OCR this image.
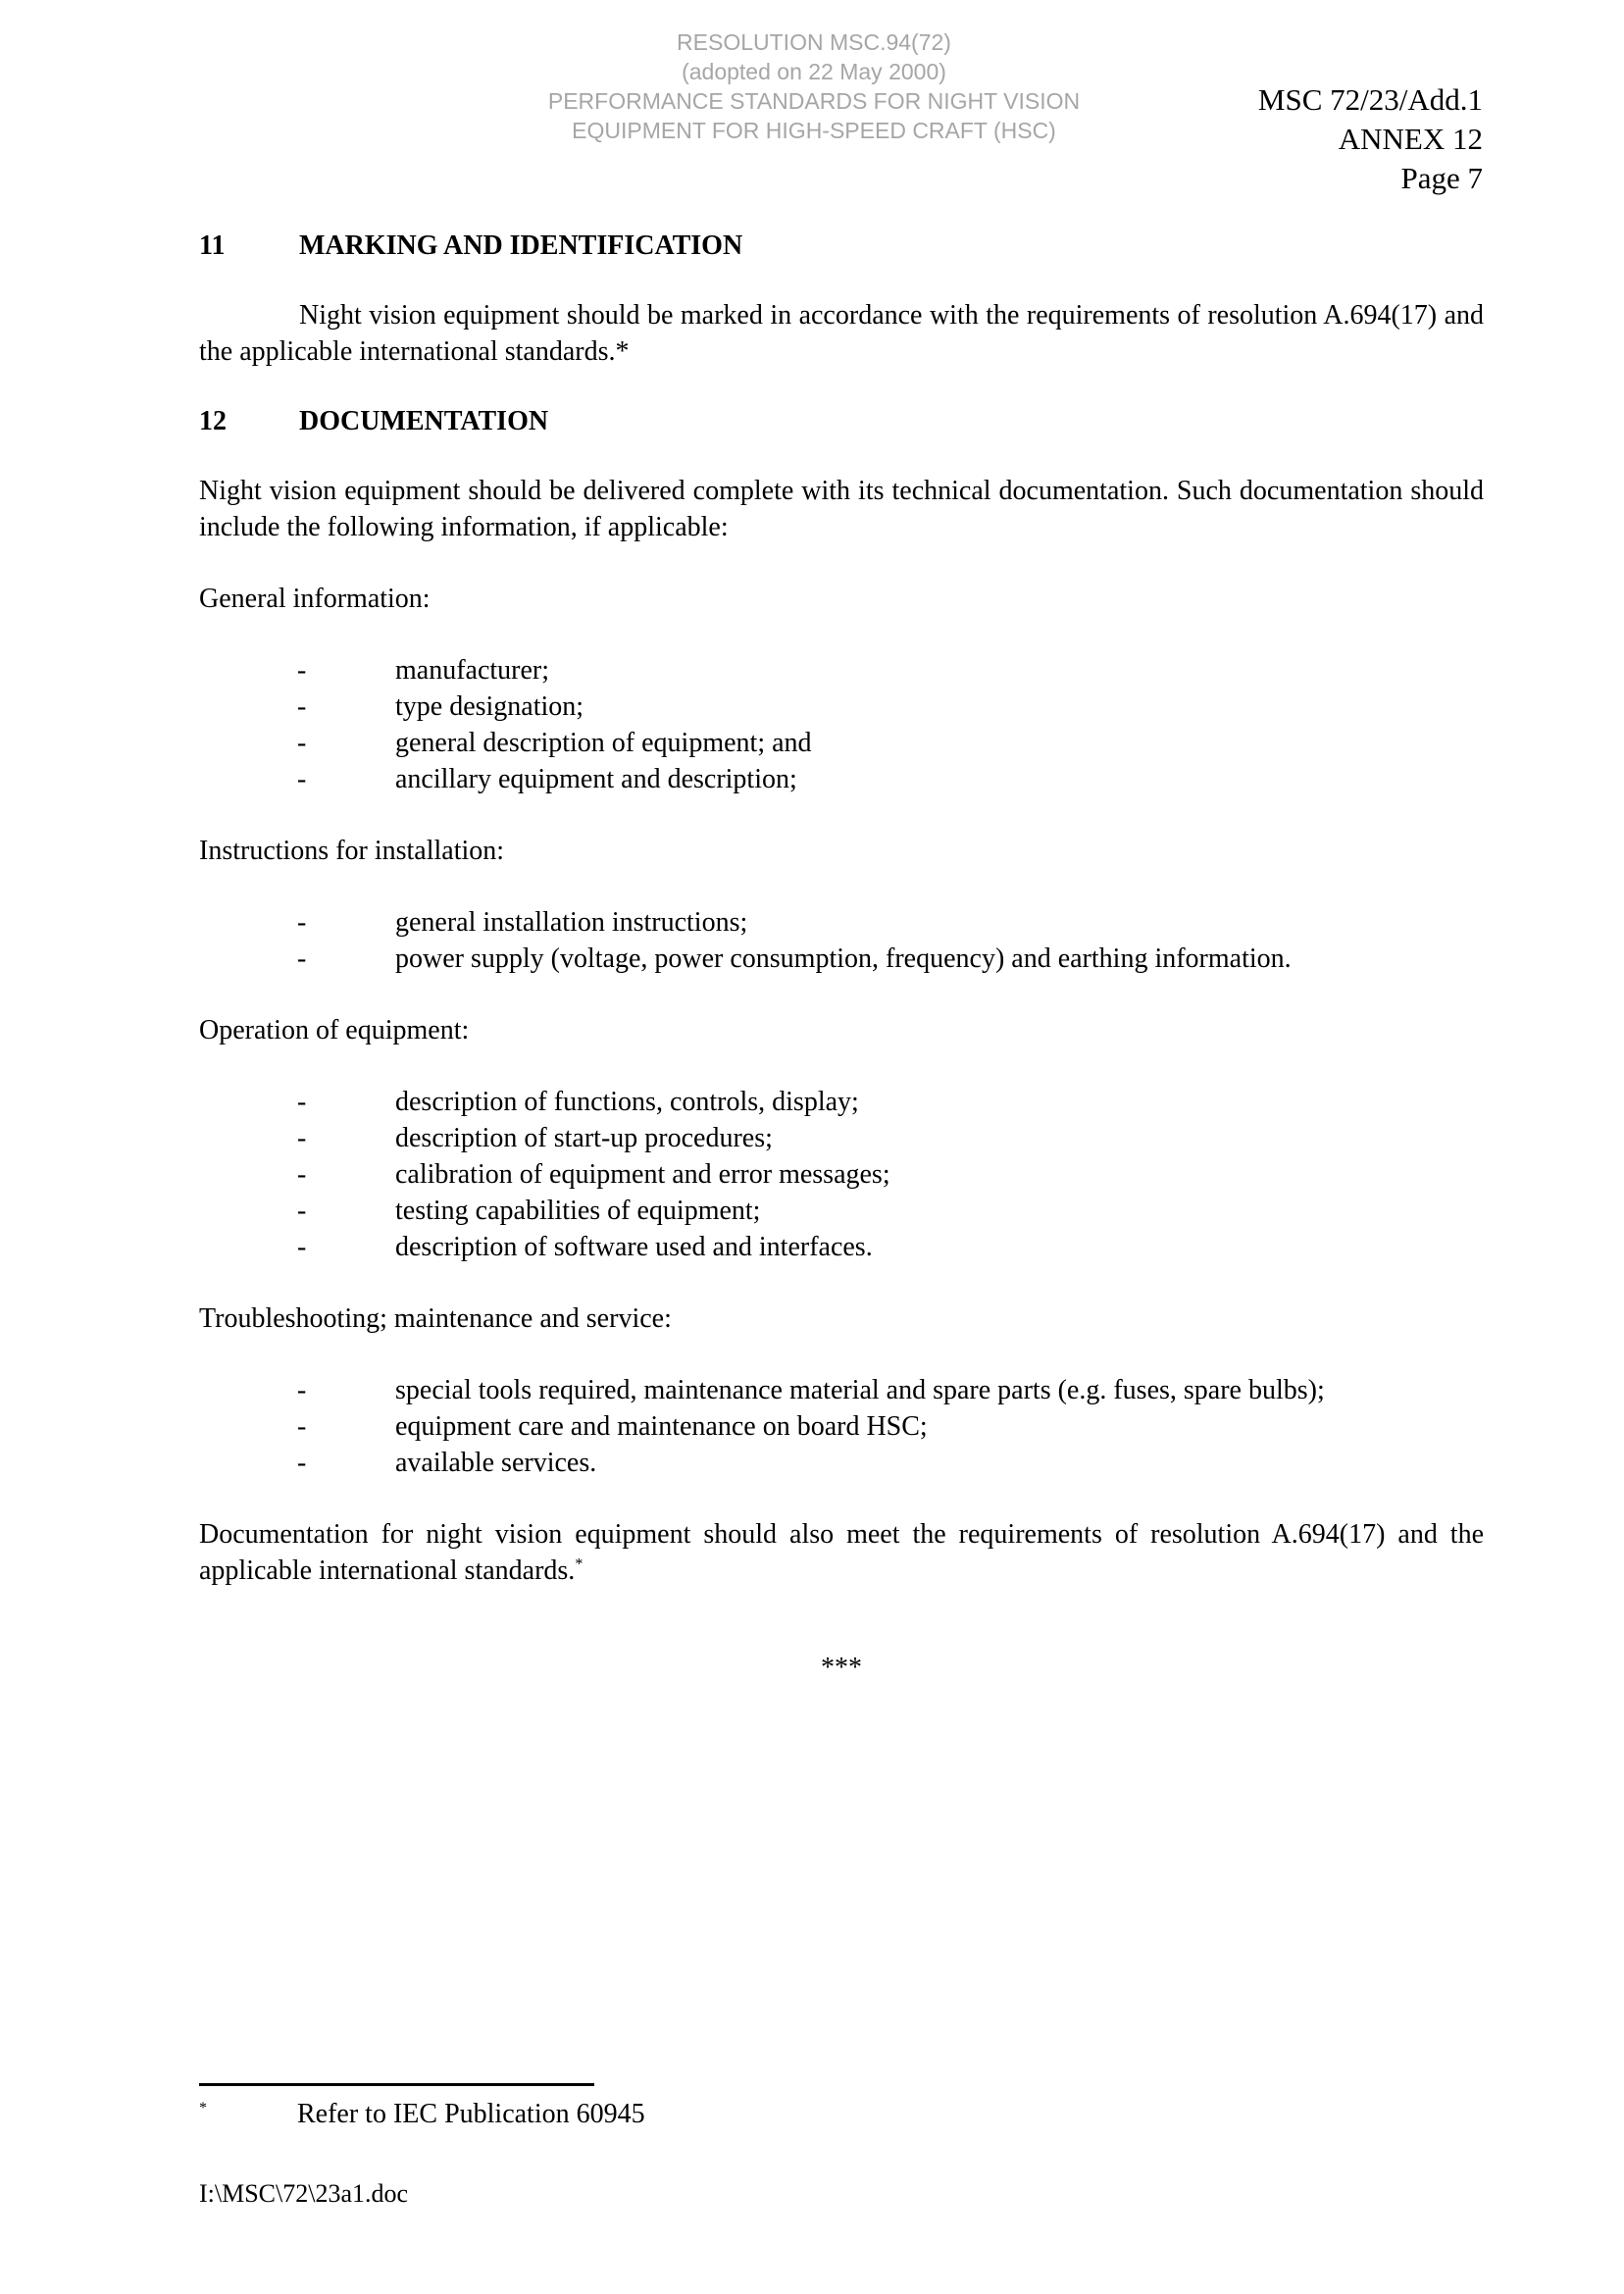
RESOLUTION MSC.94(72)
(adopted on 22 May 2000)
PERFORMANCE STANDARDS FOR NIGHT VISION
EQUIPMENT FOR HIGH-SPEED CRAFT (HSC)
MSC 72/23/Add.1
ANNEX 12
Page 7
11	MARKING AND IDENTIFICATION

Night vision equipment should be marked in accordance with the requirements of resolution A.694(17) and the applicable international standards.*

12	DOCUMENTATION

Night vision equipment should be delivered complete with its technical documentation. Such documentation should include the following information, if applicable:

General information:

-	manufacturer;
-	type designation;
-	general description of equipment; and
-	ancillary equipment and description;

Instructions for installation:

-	general installation instructions;
-	power supply (voltage, power consumption, frequency) and earthing information.

Operation of equipment:

-	description of functions, controls, display;
-	description of start-up procedures;
-	calibration of equipment and error messages;
-	testing capabilities of equipment;
-	description of software used and interfaces.

Troubleshooting; maintenance and service:

-	special tools required, maintenance material and spare parts (e.g. fuses, spare bulbs);
-	equipment care and maintenance on board HSC;
-	available services.

Documentation for night vision equipment should also meet the requirements of resolution A.694(17) and the applicable international standards.*

***
*	Refer to IEC Publication 60945
I:\MSC\72\23a1.doc
